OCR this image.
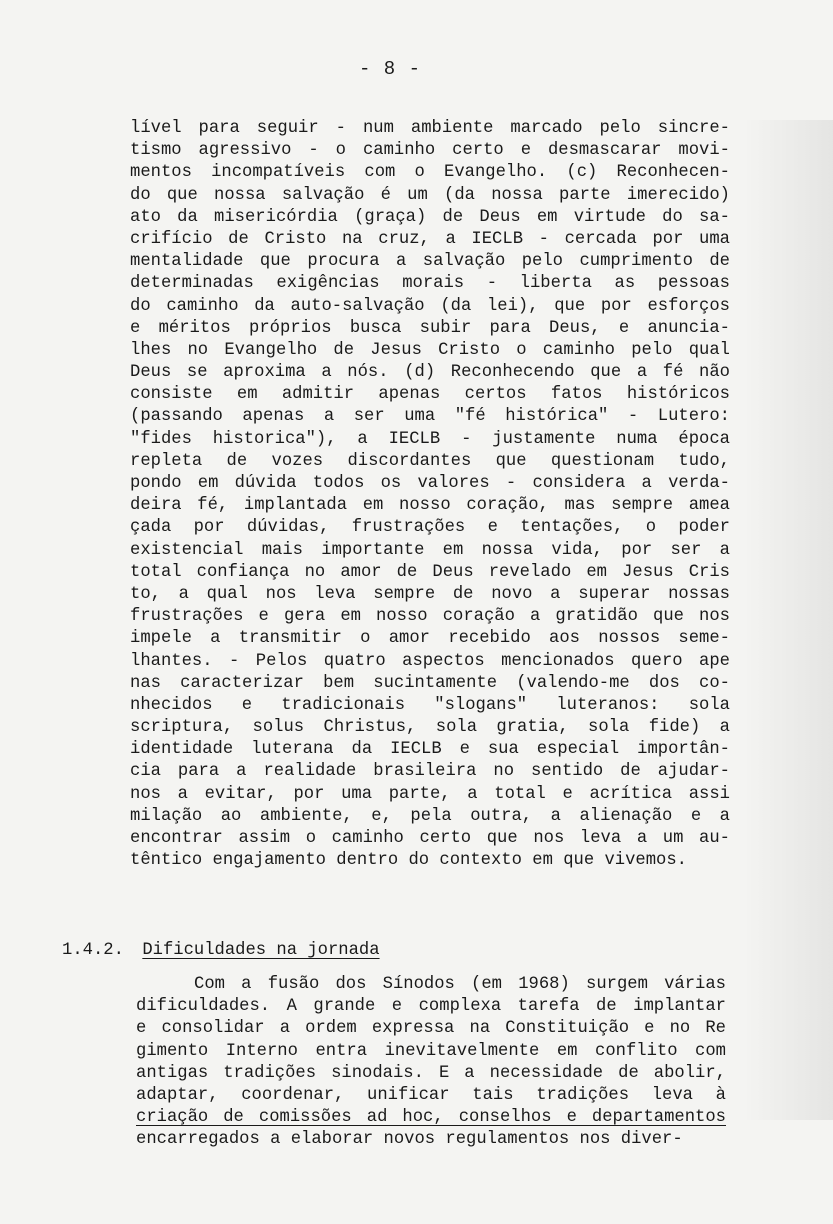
- 8 -
lível para seguir - num ambiente marcado pelo sincre-
tismo agressivo - o caminho certo e desmascarar movi-
mentos incompatíveis com o Evangelho. (c) Reconhecen-
do que nossa salvação é um (da nossa parte imerecido)
ato da misericórdia (graça) de Deus em virtude do sa-
crifício de Cristo na cruz, a IECLB - cercada por uma
mentalidade que procura a salvação pelo cumprimento de
determinadas exigências morais - liberta as pessoas
do caminho da auto-salvação (da lei), que por esforços
e méritos próprios busca subir para Deus, e anuncia-
lhes no Evangelho de Jesus Cristo o caminho pelo qual
Deus se aproxima a nós. (d) Reconhecendo que a fé não
consiste em admitir apenas certos fatos históricos
(passando apenas a ser uma "fé histórica" - Lutero:
"fides historica"), a IECLB - justamente numa época
repleta de vozes discordantes que questionam tudo,
pondo em dúvida todos os valores - considera a verda-
deira fé, implantada em nosso coração, mas sempre amea
çada por dúvidas, frustrações e tentações, o poder
existencial mais importante em nossa vida, por ser a
total confiança no amor de Deus revelado em Jesus Cris
to, a qual nos leva sempre de novo a superar nossas
frustrações e gera em nosso coração a gratidão que nos
impele a transmitir o amor recebido aos nossos seme-
lhantes. - Pelos quatro aspectos mencionados quero ape
nas caracterizar bem sucintamente (valendo-me dos co-
nhecidos e tradicionais "slogans" luteranos: sola
scriptura, solus Christus, sola gratia, sola fide) a
identidade luterana da IECLB e sua especial importân-
cia para a realidade brasileira no sentido de ajudar-
nos a evitar, por uma parte, a total e acrítica assi
milação ao ambiente, e, pela outra, a alienação e a
encontrar assim o caminho certo que nos leva a um au-
têntico engajamento dentro do contexto em que vivemos.
1.4.2. Dificuldades na jornada
Com a fusão dos Sínodos (em 1968) surgem várias
dificuldades. A grande e complexa tarefa de implantar
e consolidar a ordem expressa na Constituição e no Re
gimento Interno entra inevitavelmente em conflito com
antigas tradições sinodais. E a necessidade de abolir,
adaptar, coordenar, unificar tais tradições leva à
criação de comissões ad hoc, conselhos e departamentos
encarregados a elaborar novos regulamentos nos diver-
